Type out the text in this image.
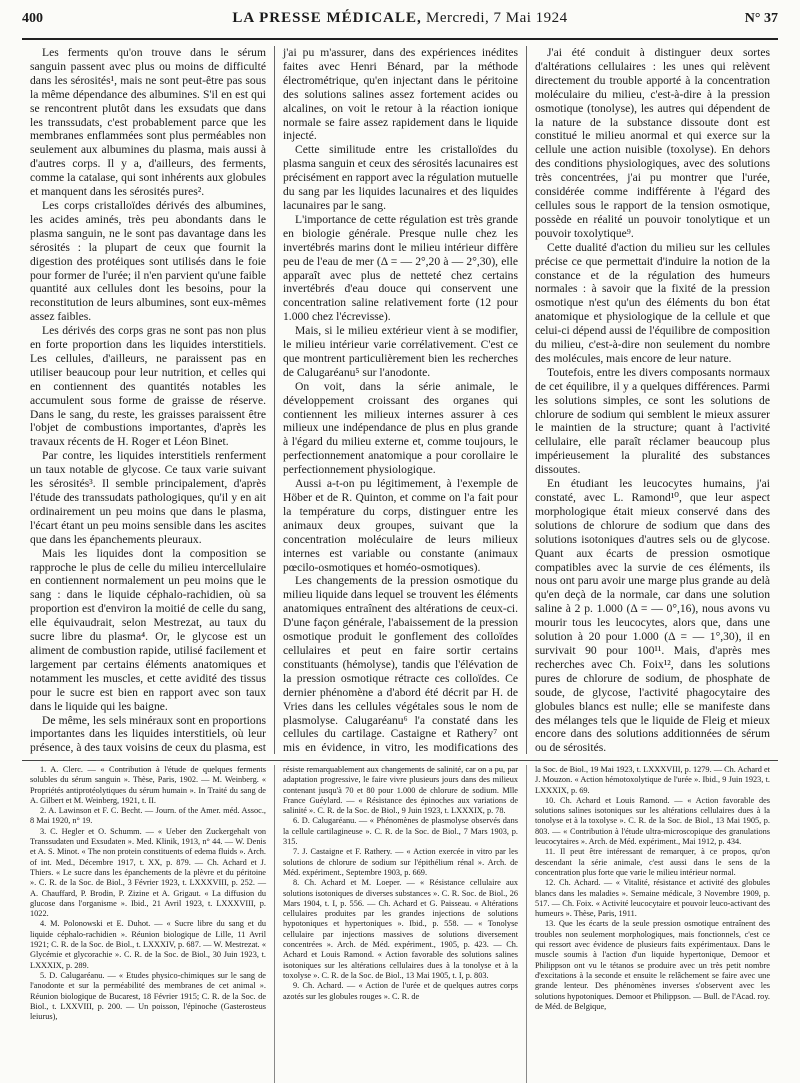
400	LA PRESSE MÉDICALE, Mercredi, 7 Mai 1924	N° 37

Les ferments qu'on trouve dans le sérum sanguin passent avec plus ou moins de difficulté dans les sérosités¹, mais ne sont peut-être pas sous la même dépendance des albumines. S'il en est qui se rencontrent plutôt dans les exsudats que dans les transsudats, c'est probablement parce que les membranes enflammées sont plus perméables non seulement aux albumines du plasma, mais aussi à d'autres corps. Il y a, d'ailleurs, des ferments, comme la catalase, qui sont inhérents aux globules et manquent dans les sérosités pures².

Les corps cristalloïdes dérivés des albumines, les acides aminés, très peu abondants dans le plasma sanguin, ne le sont pas davantage dans les sérosités : la plupart de ceux que fournit la digestion des protéiques sont utilisés dans le foie pour former de l'urée; il n'en parvient qu'une faible quantité aux cellules dont les besoins, pour la reconstitution de leurs albumines, sont eux-mêmes assez faibles.

Les dérivés des corps gras ne sont pas non plus en forte proportion dans les liquides interstitiels. Les cellules, d'ailleurs, ne paraissent pas en utiliser beaucoup pour leur nutrition, et celles qui en contiennent des quantités notables les accumulent sous forme de graisse de réserve. Dans le sang, du reste, les graisses paraissent être l'objet de combustions importantes, d'après les travaux récents de H. Roger et Léon Binet.

Par contre, les liquides interstitiels renferment un taux notable de glycose. Ce taux varie suivant les sérosités³. Il semble principalement, d'après l'étude des transsudats pathologiques, qu'il y en ait ordinairement un peu moins que dans le plasma, l'écart étant un peu moins sensible dans les ascites que dans les épanchements pleuraux.

Mais les liquides dont la composition se rapproche le plus de celle du milieu intercellulaire en contiennent normalement un peu moins que le sang : dans le liquide céphalo-rachidien, où sa proportion est d'environ la moitié de celle du sang, elle équivaudrait, selon Mestrezat, au taux du sucre libre du plasma⁴. Or, le glycose est un aliment de combustion rapide, utilisé facilement et largement par certains éléments anatomiques et notamment les muscles, et cette avidité des tissus pour le sucre est bien en rapport avec son taux dans le liquide qui les baigne.

De même, les sels minéraux sont en proportions importantes dans les liquides interstitiels, où leur présence, à des taux voisins de ceux du plasma, est

j'ai pu m'assurer, dans des expériences inédites faites avec Henri Bénard, par la méthode électrométrique, qu'en injectant dans le péritoine des solutions salines assez fortement acides ou alcalines, on voit le retour à la réaction ionique normale se faire assez rapidement dans le liquide injecté.

Cette similitude entre les cristalloïdes du plasma sanguin et ceux des sérosités lacunaires est précisément en rapport avec la régulation mutuelle du sang par les liquides lacunaires et des liquides lacunaires par le sang.

L'importance de cette régulation est très grande en biologie générale. Presque nulle chez les invertébrés marins dont le milieu intérieur diffère peu de l'eau de mer (Δ = — 2°,20 à — 2°,30), elle apparaît avec plus de netteté chez certains invertébrés d'eau douce qui conservent une concentration saline relativement forte (12 pour 1.000 chez l'écrevisse).

Mais, si le milieu extérieur vient à se modifier, le milieu intérieur varie corrélativement. C'est ce que montrent particulièrement bien les recherches de Calugaréanu⁵ sur l'anodonte.

On voit, dans la série animale, le développement croissant des organes qui contiennent les milieux internes assurer à ces milieux une indépendance de plus en plus grande à l'égard du milieu externe et, comme toujours, le perfectionnement anatomique a pour corollaire le perfectionnement physiologique.

Aussi a-t-on pu légitimement, à l'exemple de Höber et de R. Quinton, et comme on l'a fait pour la température du corps, distinguer entre les animaux deux groupes, suivant que la concentration moléculaire de leurs milieux internes est variable ou constante (animaux pœcilo-osmotiques et homéo-osmotiques).

Les changements de la pression osmotique du milieu liquide dans lequel se trouvent les éléments anatomiques entraînent des altérations de ceux-ci. D'une façon générale, l'abaissement de la pression osmotique produit le gonflement des colloïdes cellulaires et peut en faire sortir certains constituants (hémolyse), tandis que l'élévation de la pression osmotique rétracte ces colloïdes. Ce dernier phénomène a d'abord été décrit par H. de Vries dans les cellules végétales sous le nom de plasmolyse. Calugaréanu⁶ l'a constaté dans les cellules du cartilage. Castaigne et Rathery⁷ ont mis en évidence, in vitro, les modifications des

J'ai été conduit à distinguer deux sortes d'altérations cellulaires : les unes qui relèvent directement du trouble apporté à la concentration moléculaire du milieu, c'est-à-dire à la pression osmotique (tonolyse), les autres qui dépendent de la nature de la substance dissoute dont est constitué le milieu anormal et qui exerce sur la cellule une action nuisible (toxolyse). En dehors des conditions physiologiques, avec des solutions très concentrées, j'ai pu montrer que l'urée, considérée comme indifférente à l'égard des cellules sous le rapport de la tension osmotique, possède en réalité un pouvoir tonolytique et un pouvoir toxolytique⁹.

Cette dualité d'action du milieu sur les cellules précise ce que permettait d'induire la notion de la constance et de la régulation des humeurs normales : à savoir que la fixité de la pression osmotique n'est qu'un des éléments du bon état anatomique et physiologique de la cellule et que celui-ci dépend aussi de l'équilibre de composition du milieu, c'est-à-dire non seulement du nombre des molécules, mais encore de leur nature.

Toutefois, entre les divers composants normaux de cet équilibre, il y a quelques différences. Parmi les solutions simples, ce sont les solutions de chlorure de sodium qui semblent le mieux assurer le maintien de la structure; quant à l'activité cellulaire, elle paraît réclamer beaucoup plus impérieusement la pluralité des substances dissoutes.

En étudiant les leucocytes humains, j'ai constaté, avec L. Ramond¹⁰, que leur aspect morphologique était mieux conservé dans des solutions de chlorure de sodium que dans des solutions isotoniques d'autres sels ou de glycose. Quant aux écarts de pression osmotique compatibles avec la survie de ces éléments, ils nous ont paru avoir une marge plus grande au delà qu'en deçà de la normale, car dans une solution saline à 2 p. 1.000 (Δ = — 0°,16), nous avons vu mourir tous les leucocytes, alors que, dans une solution à 20 pour 1.000 (Δ = — 1°,30), il en survivait 90 pour 100¹¹. Mais, d'après mes recherches avec Ch. Foix¹², dans les solutions pures de chlorure de sodium, de phosphate de soude, de glycose, l'activité phagocytaire des globules blancs est nulle; elle se manifeste dans des mélanges tels que le liquide de Fleig et mieux encore dans des solutions additionnées de sérum ou de sérosités.

1. A. Clerc. — « Contribution à l'étude de quelques ferments solubles du sérum sanguin ». Thèse, Paris, 1902. — M. Weinberg. « Propriétés antiprotéolytiques du sérum humain ». In Traité du sang de A. Gilbert et M. Weinberg, 1921, t. II.

2. A. Lawinson et F. C. Becht. — Journ. of the Amer. méd. Assoc., 8 Mai 1920, n° 19.

3. C. Hegler et O. Schumm. — « Ueber den Zuckergehalt von Transsudaten und Exsudaten ». Med. Klinik, 1913, n° 44. — W. Denis et A. S. Minot. « The non protein constituents of edema fluids ». Arch. of int. Med., Décembre 1917, t. XX, p. 879. — Ch. Achard et J. Thiers. « Le sucre dans les épanchements de la plèvre et du péritoine ». C. R. de la Soc. de Biol., 3 Février 1923, t. LXXXVIII, p. 252. — A. Chauffard, P. Brodin, P. Zizine et A. Grigaut. « La diffusion du glucose dans l'organisme ». Ibid., 21 Avril 1923, t. LXXXVIII, p. 1022.

4. M. Polonowski et E. Duhot. — « Sucre libre du sang et du liquide céphalo-rachidien ». Réunion biologique de Lille, 11 Avril 1921; C. R. de la Soc. de Biol., t. LXXXIV, p. 687. — W. Mestrezat. « Glycémie et glycorachie ». C. R. de la Soc. de Biol., 30 Juin 1923, t. LXXXIX, p. 289.

5. D. Calugaréanu. — « Etudes physico-chimiques sur le sang de l'anodonte et sur la perméabilité des membranes de cet animal ». Réunion biologique de Bucarest, 18 Février 1915; C. R. de la Soc. de Biol., t. LXXVIII, p. 200. — Un poisson, l'épinoche (Gasterosteus leiurus),

résiste remarquablement aux changements de salinité, car on a pu, par adaptation progressive, le faire vivre plusieurs jours dans des milieux contenant jusqu'à 70 et 80 pour 1.000 de chlorure de sodium. Mlle France Guéylard. — « Résistance des épinoches aux variations de salinité ». C. R. de la Soc. de Biol., 9 Juin 1923, t. LXXXIX, p. 78.

6. D. Calugaréanu. — « Phénomènes de plasmolyse observés dans la cellule cartilagineuse ». C. R. de la Soc. de Biol., 7 Mars 1903, p. 315.

7. J. Castaigne et F. Rathery. — « Action exercée in vitro par les solutions de chlorure de sodium sur l'épithélium rénal ». Arch. de Méd. expériment., Septembre 1903, p. 669.

8. Ch. Achard et M. Loeper. — « Résistance cellulaire aux solutions isotoniques de diverses substances ». C. R. Soc. de Biol., 26 Mars 1904, t. I, p. 556. — Ch. Achard et G. Paisseau. « Altérations cellulaires produites par les grandes injections de solutions hypotoniques et hypertoniques ». Ibid., p. 558. — « Tonolyse cellulaire par injections massives de solutions diversement concentrées ». Arch. de Méd. expériment., 1905, p. 423. — Ch. Achard et Louis Ramond. « Action favorable des solutions salines isotoniques sur les altérations cellulaires dues à la tonolyse et à la toxolyse ». C. R. de la Soc. de Biol., 13 Mai 1905, t. I, p. 803.

9. Ch. Achard. — « Action de l'urée et de quelques autres corps azotés sur les globules rouges ». C. R. de

la Soc. de Biol., 19 Mai 1923, t. LXXXVIII, p. 1279. — Ch. Achard et J. Mouzon. « Action hémotoxolytique de l'urée ». Ibid., 9 Juin 1923, t. LXXXIX, p. 69.

10. Ch. Achard et Louis Ramond. — « Action favorable des solutions salines isotoniques sur les altérations cellulaires dues à la tonolyse et à la toxolyse ». C. R. de la Soc. de Biol., 13 Mai 1905, p. 803. — « Contribution à l'étude ultra-microscopique des granulations leucocytaires ». Arch. de Méd. expériment., Mai 1912, p. 434.

11. Il peut être intéressant de remarquer, à ce propos, qu'on descendant la série animale, c'est aussi dans le sens de la concentration plus forte que varie le milieu intérieur normal.

12. Ch. Achard. — « Vitalité, résistance et activité des globules blancs dans les maladies ». Semaine médicale, 3 Novembre 1909, p. 517. — Ch. Foix. « Activité leucocytaire et pouvoir leuco-activant des humeurs ». Thèse, Paris, 1911.

13. Que les écarts de la seule pression osmotique entraînent des troubles non seulement morphologiques, mais fonctionnels, c'est ce qui ressort avec évidence de plusieurs faits expérimentaux. Dans le muscle soumis à l'action d'un liquide hypertonique, Demoor et Philippson ont vu le tétanos se produire avec un très petit nombre d'excitations à la seconde et ensuite le relâchement se faire avec une grande lenteur. Des phénomènes inverses s'observent avec les solutions hypotoniques. Demoor et Philippson. — Bull. de l'Acad. roy. de Méd. de Belgique,
